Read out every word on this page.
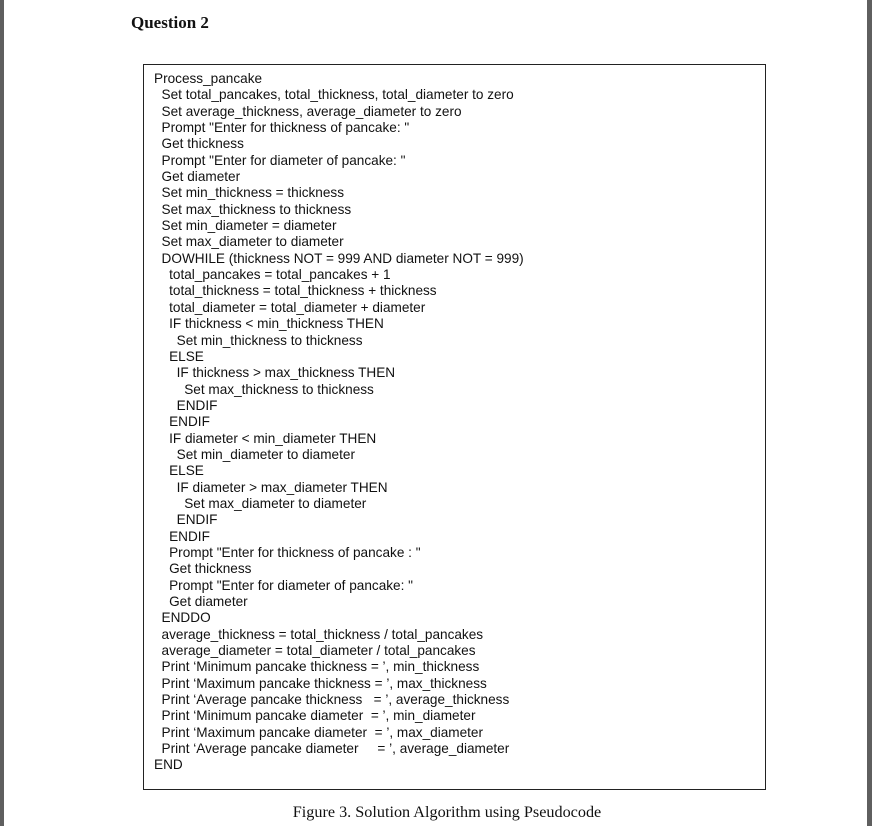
Question 2
Process_pancake
Set total_pancakes, total_thickness, total_diameter to zero
Set average_thickness, average_diameter to zero
Prompt "Enter for thickness of pancake: "
Get thickness
Prompt "Enter for diameter of pancake: "
Get diameter
Set min_thickness = thickness
Set max_thickness to thickness
Set min_diameter = diameter
Set max_diameter to diameter
DOWHILE (thickness NOT = 999 AND diameter NOT = 999)
total_pancakes = total_pancakes + 1
total_thickness = total_thickness + thickness
total_diameter = total_diameter + diameter
IF thickness < min_thickness THEN
Set min_thickness to thickness
ELSE
IF thickness > max_thickness THEN
Set max_thickness to thickness
ENDIF
ENDIF
IF diameter < min_diameter THEN
Set min_diameter to diameter
ELSE
IF diameter > max_diameter THEN
Set max_diameter to diameter
ENDIF
ENDIF
Prompt "Enter for thickness of pancake : "
Get thickness
Prompt "Enter for diameter of pancake: "
Get diameter
ENDDO
average_thickness = total_thickness / total_pancakes
average_diameter = total_diameter / total_pancakes
Print ‘Minimum pancake thickness = ’, min_thickness
Print ‘Maximum pancake thickness = ’, max_thickness
Print ‘Average pancake thickness   = ’, average_thickness
Print ‘Minimum pancake diameter  = ’, min_diameter
Print ‘Maximum pancake diameter  = ’, max_diameter
Print ‘Average pancake diameter     = ’, average_diameter
END
Figure 3. Solution Algorithm using Pseudocode
